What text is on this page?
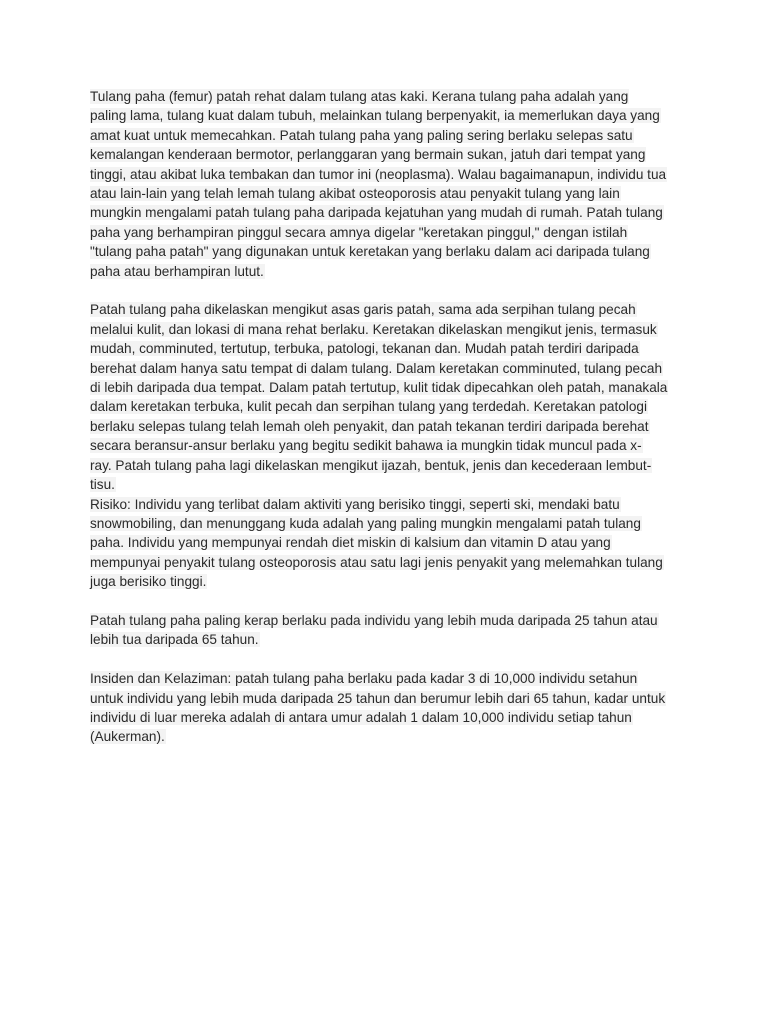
Tulang paha (femur) patah rehat dalam tulang atas kaki. Kerana tulang paha adalah yang
paling lama, tulang kuat dalam tubuh, melainkan tulang berpenyakit, ia memerlukan daya yang
amat kuat untuk memecahkan. Patah tulang paha yang paling sering berlaku selepas satu
kemalangan kenderaan bermotor, perlanggaran yang bermain sukan, jatuh dari tempat yang
tinggi, atau akibat luka tembakan dan tumor ini (neoplasma). Walau bagaimanapun, individu tua
atau lain-lain yang telah lemah tulang akibat osteoporosis atau penyakit tulang yang lain
mungkin mengalami patah tulang paha daripada kejatuhan yang mudah di rumah. Patah tulang
paha yang berhampiran pinggul secara amnya digelar "keretakan pinggul," dengan istilah
"tulang paha patah" yang digunakan untuk keretakan yang berlaku dalam aci daripada tulang
paha atau berhampiran lutut.

Patah tulang paha dikelaskan mengikut asas garis patah, sama ada serpihan tulang pecah
melalui kulit, dan lokasi di mana rehat berlaku. Keretakan dikelaskan mengikut jenis, termasuk
mudah, comminuted, tertutup, terbuka, patologi, tekanan dan. Mudah patah terdiri daripada
berehat dalam hanya satu tempat di dalam tulang. Dalam keretakan comminuted, tulang pecah
di lebih daripada dua tempat. Dalam patah tertutup, kulit tidak dipecahkan oleh patah, manakala
dalam keretakan terbuka, kulit pecah dan serpihan tulang yang terdedah. Keretakan patologi
berlaku selepas tulang telah lemah oleh penyakit, dan patah tekanan terdiri daripada berehat
secara beransur-ansur berlaku yang begitu sedikit bahawa ia mungkin tidak muncul pada x-
ray. Patah tulang paha lagi dikelaskan mengikut ijazah, bentuk, jenis dan kecederaan lembut-
tisu.
Risiko: Individu yang terlibat dalam aktiviti yang berisiko tinggi, seperti ski, mendaki batu
snowmobiling, dan menunggang kuda adalah yang paling mungkin mengalami patah tulang
paha. Individu yang mempunyai rendah diet miskin di kalsium dan vitamin D atau yang
mempunyai penyakit tulang osteoporosis atau satu lagi jenis penyakit yang melemahkan tulang
juga berisiko tinggi.

Patah tulang paha paling kerap berlaku pada individu yang lebih muda daripada 25 tahun atau
lebih tua daripada 65 tahun.

Insiden dan Kelaziman: patah tulang paha berlaku pada kadar 3 di 10,000 individu setahun
untuk individu yang lebih muda daripada 25 tahun dan berumur lebih dari 65 tahun, kadar untuk
individu di luar mereka adalah di antara umur adalah 1 dalam 10,000 individu setiap tahun
(Aukerman).
